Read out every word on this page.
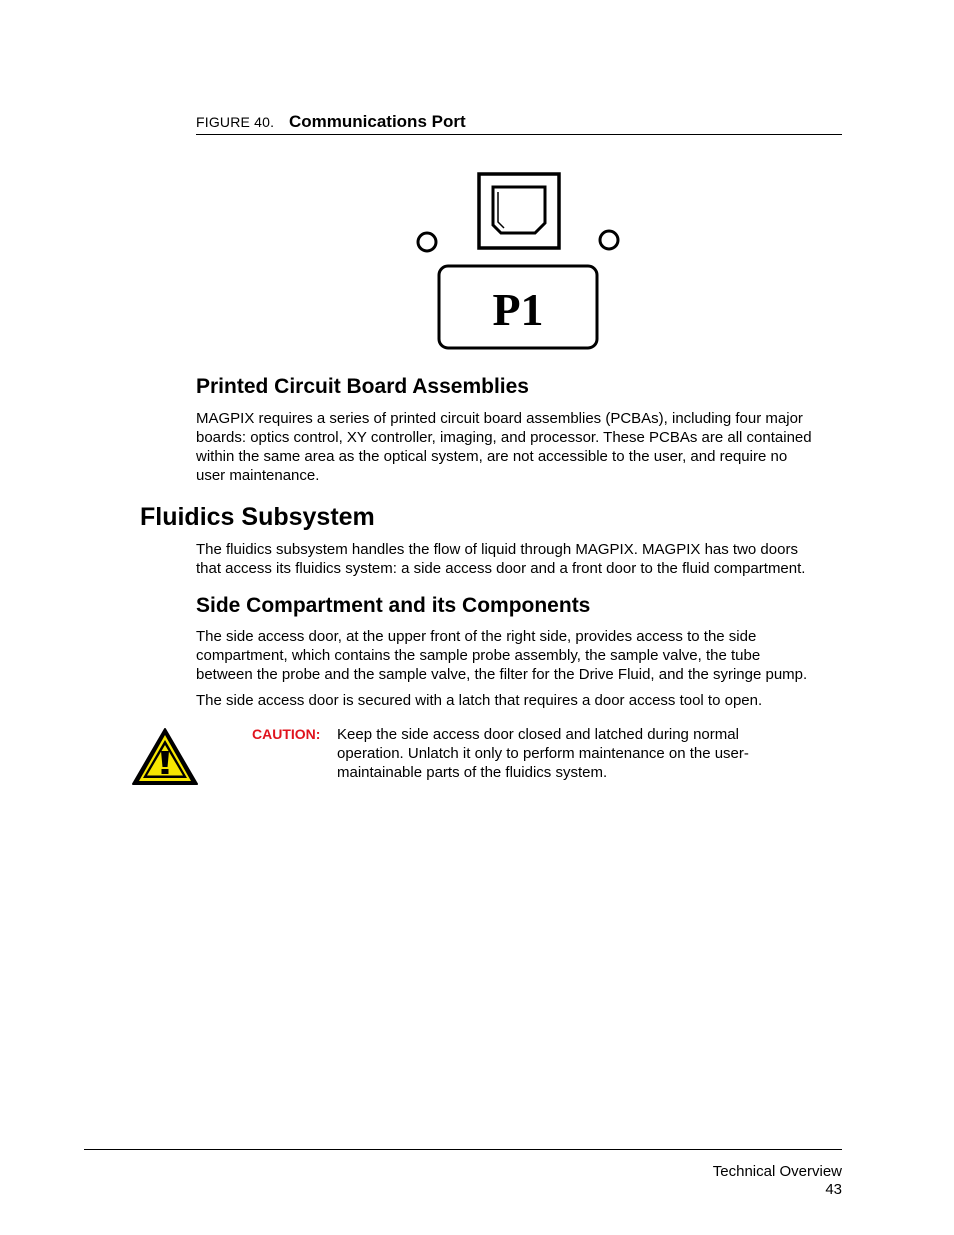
FIGURE 40. Communications Port
P1
Printed Circuit Board Assemblies
MAGPIX requires a series of printed circuit board assemblies (PCBAs), including four major
boards: optics control, XY controller, imaging, and processor. These PCBAs are all contained
within the same area as the optical system, are not accessible to the user, and require no
user maintenance.
Fluidics Subsystem
The fluidics subsystem handles the flow of liquid through MAGPIX. MAGPIX has two doors
that access its fluidics system: a side access door and a front door to the fluid compartment.
Side Compartment and its Components
The side access door, at the upper front of the right side, provides access to the side
compartment, which contains the sample probe assembly, the sample valve, the tube
between the probe and the sample valve, the filter for the Drive Fluid, and the syringe pump.
The side access door is secured with a latch that requires a door access tool to open.
CAUTION: Keep the side access door closed and latched during normal
operation. Unlatch it only to perform maintenance on the user-
maintainable parts of the fluidics system.
Technical Overview
43
